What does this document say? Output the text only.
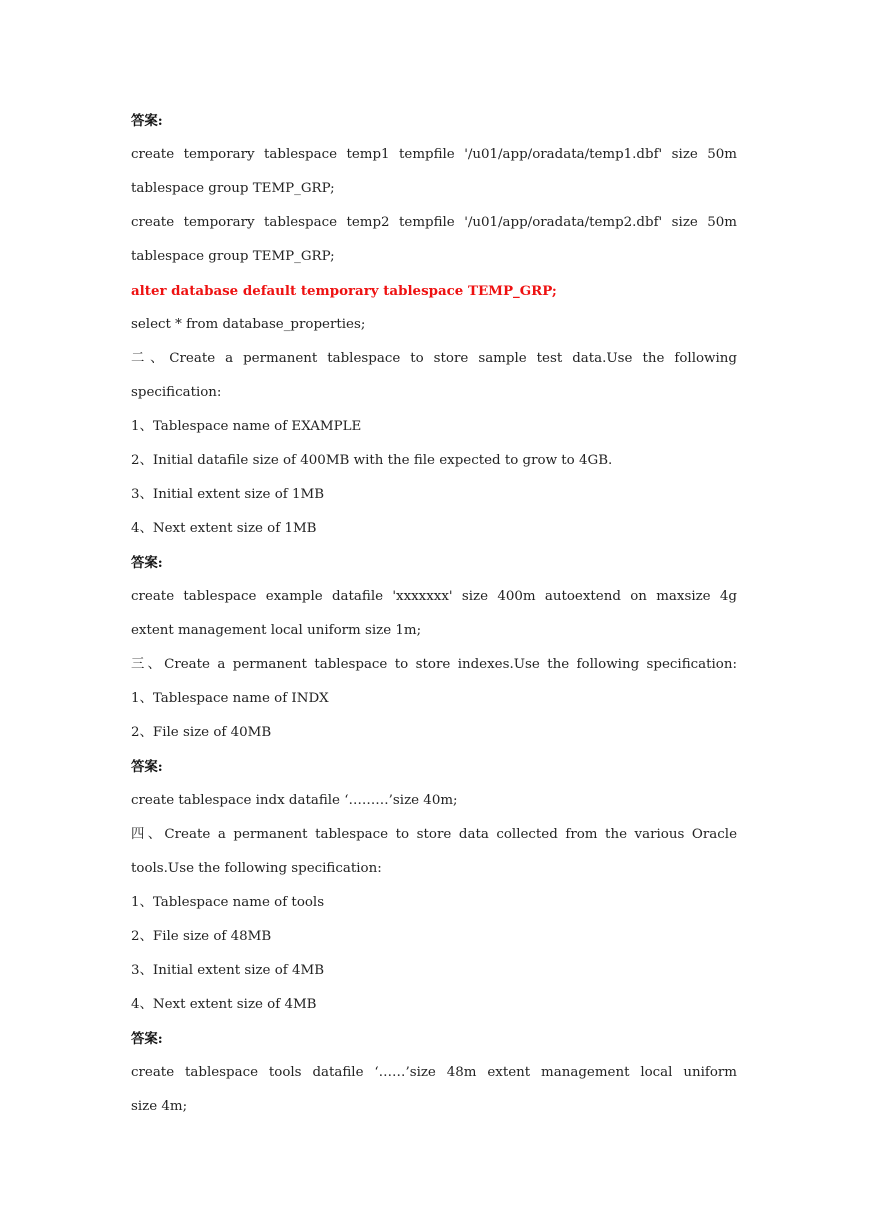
答案:
create temporary tablespace temp1 tempfile '/u01/app/oradata/temp1.dbf' size 50m
tablespace group TEMP_GRP;
create temporary tablespace temp2 tempfile '/u01/app/oradata/temp2.dbf' size 50m
tablespace group TEMP_GRP;
alter database default temporary tablespace TEMP_GRP;
select * from database_properties;
二、Create a permanent tablespace to store sample test data.Use the following
specification:
1、Tablespace name of EXAMPLE
2、Initial datafile size of 400MB with the file expected to grow to 4GB.
3、Initial extent size of 1MB
4、Next extent size of 1MB
答案:
create tablespace example datafile 'xxxxxxx' size 400m autoextend on maxsize 4g
extent management local uniform size 1m;
三、Create a permanent tablespace to store indexes.Use the following specification:
1、Tablespace name of INDX
2、File size of 40MB
答案:
create tablespace indx datafile ‘………’size 40m;
四、Create a permanent tablespace to store data collected from the various Oracle
tools.Use the following specification:
1、Tablespace name of tools
2、File size of 48MB
3、Initial extent size of 4MB
4、Next extent size of 4MB
答案:
create tablespace tools datafile ‘……’size 48m extent management local uniform
size 4m;
